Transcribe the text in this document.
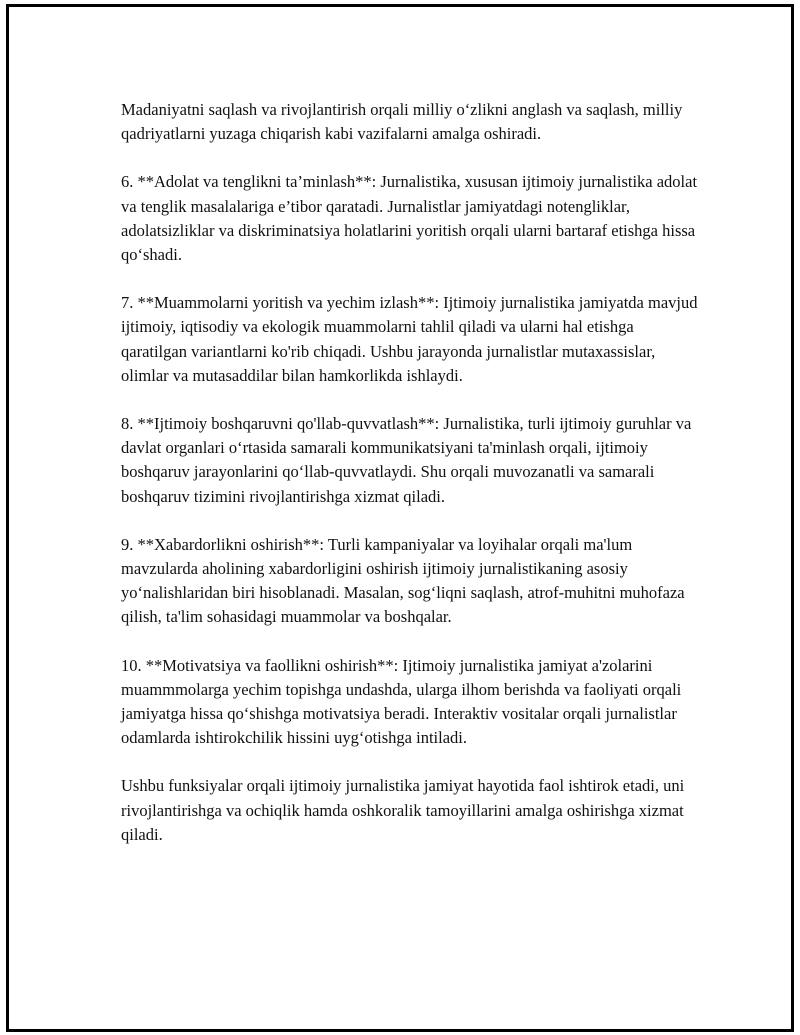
Madaniyatni saqlash va rivojlantirish orqali milliy o‘zlikni anglash va saqlash, milliy qadriyatlarni yuzaga chiqarish kabi vazifalarni amalga oshiradi.

6. **Adolat va tenglikni ta’minlash**: Jurnalistika, xususan ijtimoiy jurnalistika adolat va tenglik masalalariga e’tibor qaratadi. Jurnalistlar jamiyatdagi notengliklar, adolatsizliklar va diskriminatsiya holatlarini yoritish orqali ularni bartaraf etishga hissa qo‘shadi.

7. **Muammolarni yoritish va yechim izlash**: Ijtimoiy jurnalistika jamiyatda mavjud ijtimoiy, iqtisodiy va ekologik muammolarni tahlil qiladi va ularni hal etishga qaratilgan variantlarni ko'rib chiqadi. Ushbu jarayonda jurnalistlar mutaxassislar, olimlar va mutasaddilar bilan hamkorlikda ishlaydi.

8. **Ijtimoiy boshqaruvni qo'llab-quvvatlash**: Jurnalistika, turli ijtimoiy guruhlar va davlat organlari o‘rtasida samarali kommunikatsiyani ta'minlash orqali, ijtimoiy boshqaruv jarayonlarini qo‘llab-quvvatlaydi. Shu orqali muvozanatli va samarali boshqaruv tizimini rivojlantirishga xizmat qiladi.

9. **Xabardorlikni oshirish**: Turli kampaniyalar va loyihalar orqali ma'lum mavzularda aholining xabardorligini oshirish ijtimoiy jurnalistikaning asosiy yo‘nalishlaridan biri hisoblanadi. Masalan, sog‘liqni saqlash, atrof-muhitni muhofaza qilish, ta'lim sohasidagi muammolar va boshqalar.

10. **Motivatsiya va faollikni oshirish**: Ijtimoiy jurnalistika jamiyat a'zolarini muammmolarga yechim topishga undashda, ularga ilhom berishda va faoliyati orqali jamiyatga hissa qo‘shishga motivatsiya beradi. Interaktiv vositalar orqali jurnalistlar odamlarda ishtirokchilik hissini uyg‘otishga intiladi.

Ushbu funksiyalar orqali ijtimoiy jurnalistika jamiyat hayotida faol ishtirok etadi, uni rivojlantirishga va ochiqlik hamda oshkoralik tamoyillarini amalga oshirishga xizmat qiladi.
